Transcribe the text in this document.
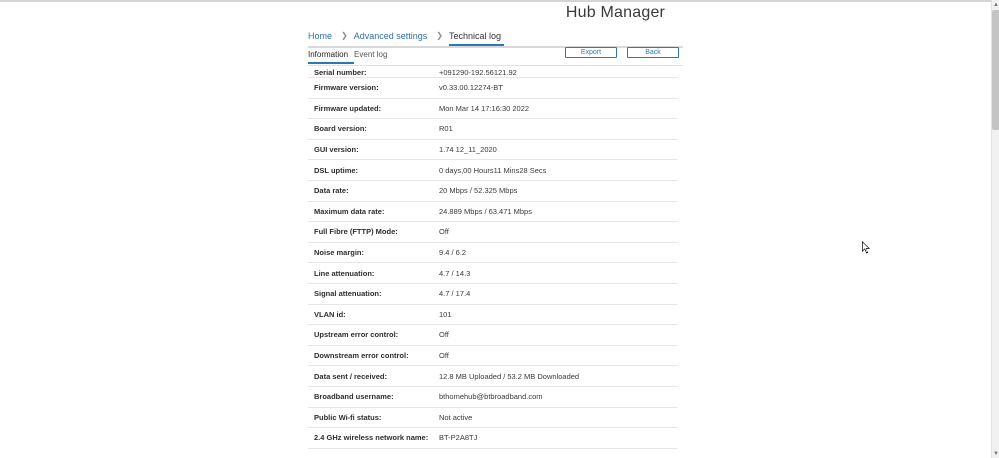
Hub Manager
Home	❯ Advanced settings	❯ Technical log
Information Event log	Export	Back
Serial number:	+091290-192.56121.92
Firmware version:	v0.33.00.12274-BT
Firmware updated:	Mon Mar 14 17:16:30 2022
Board version:	R01
GUI version:	1.74 12_11_2020
DSL uptime:	0 days,00 Hours11 Mins28 Secs
Data rate:	20 Mbps / 52.325 Mbps
Maximum data rate:	24.889 Mbps / 63.471 Mbps
Full Fibre (FTTP) Mode:	Off
Noise margin:	9.4 / 6.2
Line attenuation:	4.7 / 14.3
Signal attenuation:	4.7 / 17.4
VLAN id:	101
Upstream error control:	Off
Downstream error control:	Off
Data sent / received:	12.8 MB Uploaded / 53.2 MB Downloaded
Broadband username:	bthomehub@btbroadband.com
Public Wi-fi status:	Not active
2.4 GHz wireless network name:	BT-P2A8TJ
▲
▼
